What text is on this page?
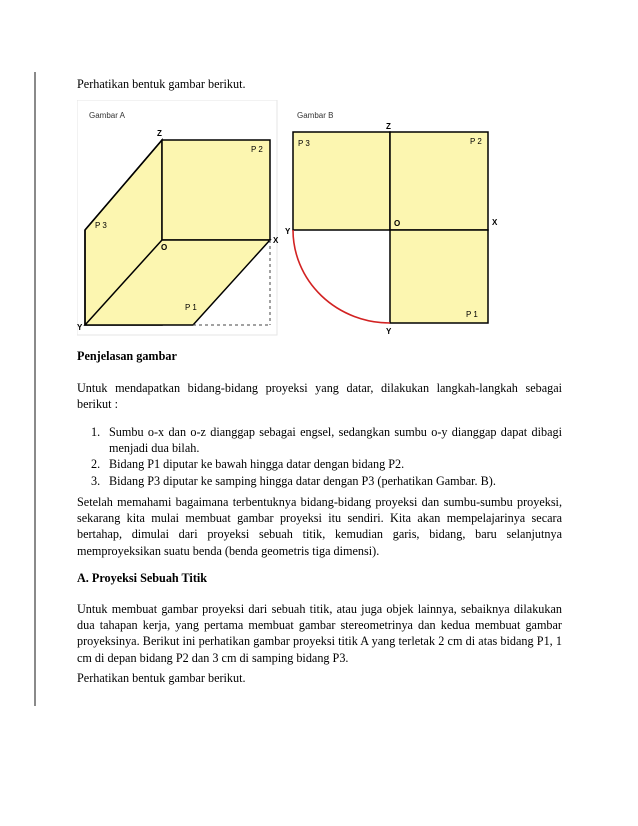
Perhatikan bentuk gambar berikut.
Gambar A
Z
X
Y
O
P 1
P 2
P 3
Gambar B
Z
X
Y
Y
O
P 1
P 2
P 3
Penjelasan gambar
Untuk mendapatkan bidang-bidang proyeksi yang datar, dilakukan langkah-langkah sebagai berikut :
1. Sumbu o-x dan o-z dianggap sebagai engsel, sedangkan sumbu o-y dianggap dapat dibagi menjadi dua bilah.
2. Bidang P1 diputar ke bawah hingga datar dengan bidang P2.
3. Bidang P3 diputar ke samping hingga datar dengan P3 (perhatikan Gambar. B).
Setelah memahami bagaimana terbentuknya bidang-bidang proyeksi dan sumbu-sumbu proyeksi, sekarang kita mulai membuat gambar proyeksi itu sendiri. Kita akan mempelajarinya secara bertahap, dimulai dari proyeksi sebuah titik, kemudian garis, bidang, baru selanjutnya memproyeksikan suatu benda (benda geometris tiga dimensi).
A. Proyeksi Sebuah Titik
Untuk membuat gambar proyeksi dari sebuah titik, atau juga objek lainnya, sebaiknya dilakukan dua tahapan kerja, yang pertama membuat gambar stereometrinya dan kedua membuat gambar proyeksinya. Berikut ini perhatikan gambar proyeksi titik A yang terletak 2 cm di atas bidang P1, 1 cm di depan bidang P2 dan 3 cm di samping bidang P3.
Perhatikan bentuk gambar berikut.
